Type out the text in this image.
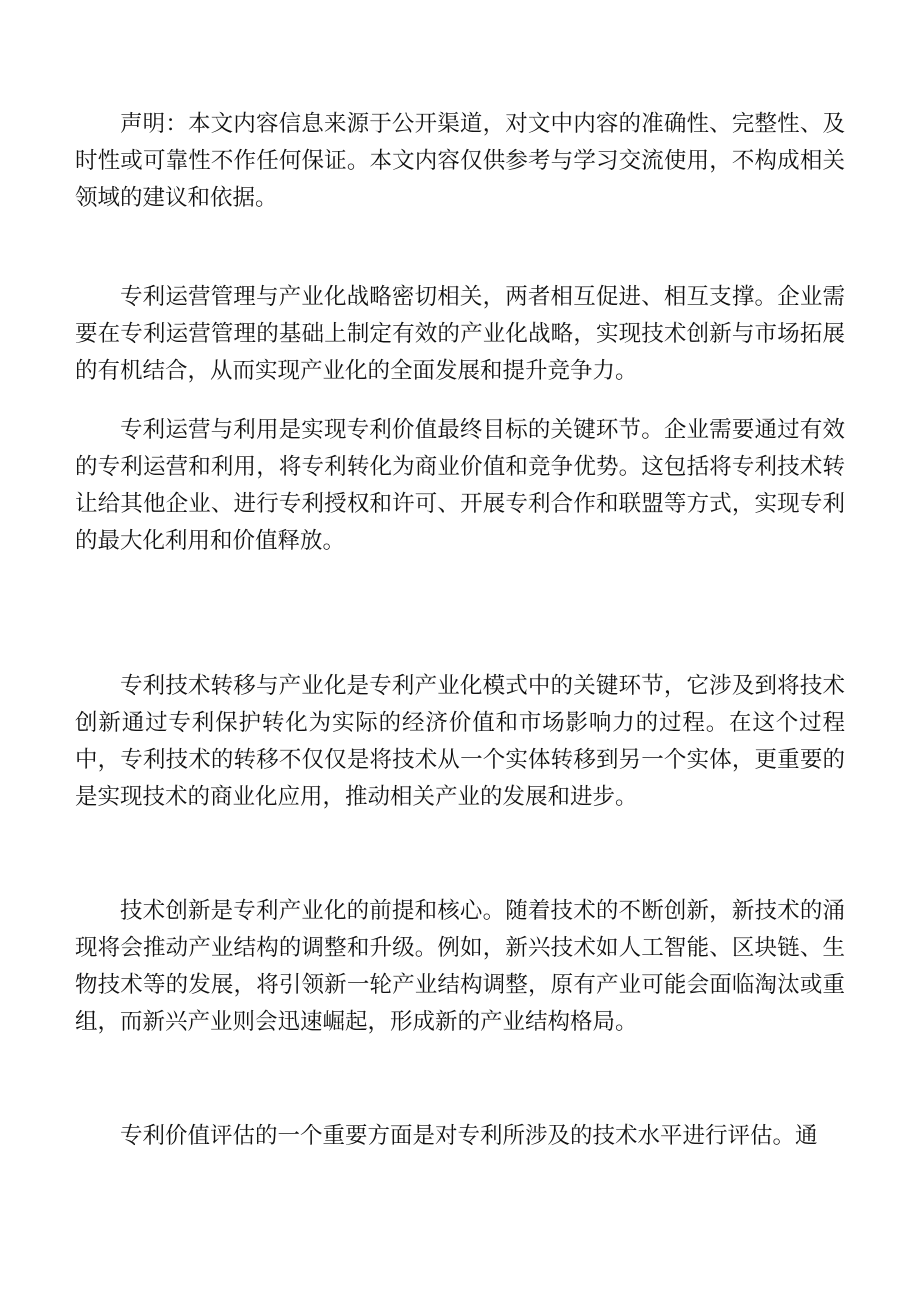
声明：本文内容信息来源于公开渠道，对文中内容的准确性、完整性、及时性或可靠性不作任何保证。本文内容仅供参考与学习交流使用，不构成相关领域的建议和依据。

专利运营管理与产业化战略密切相关，两者相互促进、相互支撑。企业需要在专利运营管理的基础上制定有效的产业化战略，实现技术创新与市场拓展的有机结合，从而实现产业化的全面发展和提升竞争力。

专利运营与利用是实现专利价值最终目标的关键环节。企业需要通过有效的专利运营和利用，将专利转化为商业价值和竞争优势。这包括将专利技术转让给其他企业、进行专利授权和许可、开展专利合作和联盟等方式，实现专利的最大化利用和价值释放。

专利技术转移与产业化是专利产业化模式中的关键环节，它涉及到将技术创新通过专利保护转化为实际的经济价值和市场影响力的过程。在这个过程中，专利技术的转移不仅仅是将技术从一个实体转移到另一个实体，更重要的是实现技术的商业化应用，推动相关产业的发展和进步。

技术创新是专利产业化的前提和核心。随着技术的不断创新，新技术的涌现将会推动产业结构的调整和升级。例如，新兴技术如人工智能、区块链、生物技术等的发展，将引领新一轮产业结构调整，原有产业可能会面临淘汰或重组，而新兴产业则会迅速崛起，形成新的产业结构格局。

专利价值评估的一个重要方面是对专利所涉及的技术水平进行评估。通
